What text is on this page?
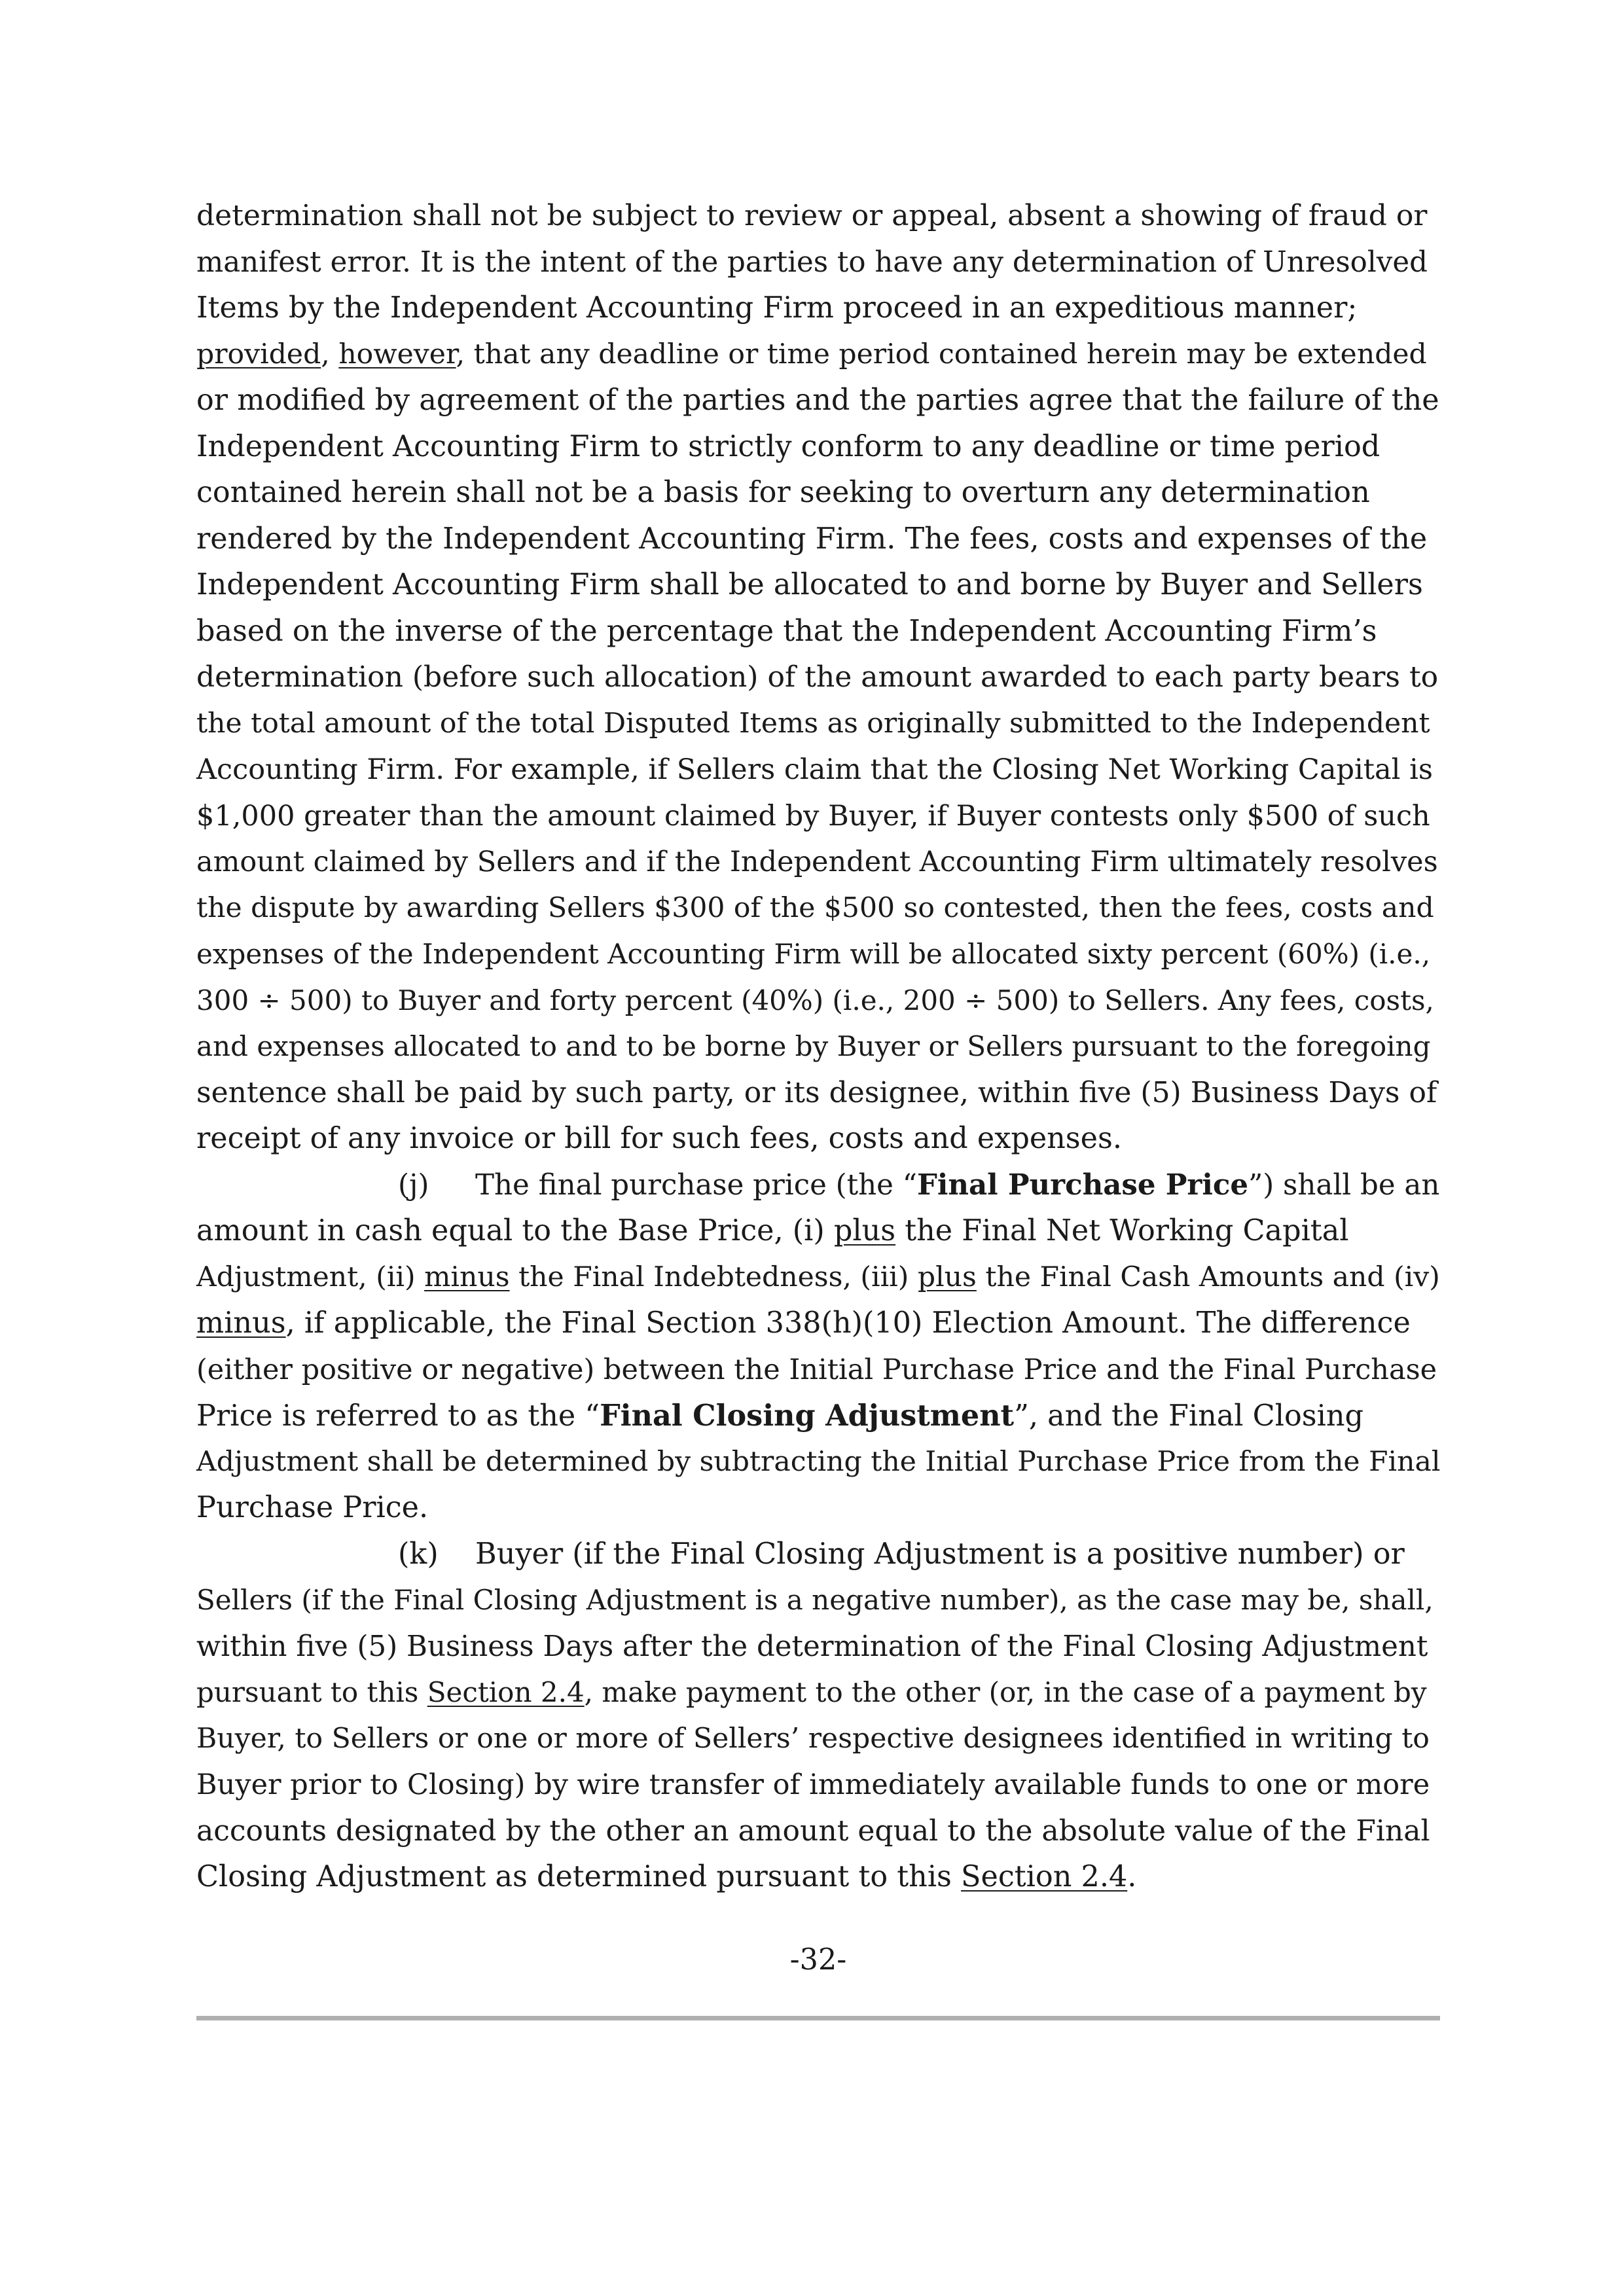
determination shall not be subject to review or appeal, absent a showing of fraud or
manifest error. It is the intent of the parties to have any determination of Unresolved
Items by the Independent Accounting Firm proceed in an expeditious manner;
provided, however, that any deadline or time period contained herein may be extended
or modified by agreement of the parties and the parties agree that the failure of the
Independent Accounting Firm to strictly conform to any deadline or time period
contained herein shall not be a basis for seeking to overturn any determination
rendered by the Independent Accounting Firm. The fees, costs and expenses of the
Independent Accounting Firm shall be allocated to and borne by Buyer and Sellers
based on the inverse of the percentage that the Independent Accounting Firm’s
determination (before such allocation) of the amount awarded to each party bears to
the total amount of the total Disputed Items as originally submitted to the Independent
Accounting Firm. For example, if Sellers claim that the Closing Net Working Capital is
$1,000 greater than the amount claimed by Buyer, if Buyer contests only $500 of such
amount claimed by Sellers and if the Independent Accounting Firm ultimately resolves
the dispute by awarding Sellers $300 of the $500 so contested, then the fees, costs and
expenses of the Independent Accounting Firm will be allocated sixty percent (60%) (i.e.,
300 ÷ 500) to Buyer and forty percent (40%) (i.e., 200 ÷ 500) to Sellers. Any fees, costs,
and expenses allocated to and to be borne by Buyer or Sellers pursuant to the foregoing
sentence shall be paid by such party, or its designee, within five (5) Business Days of
receipt of any invoice or bill for such fees, costs and expenses.

(j) The final purchase price (the “Final Purchase Price”) shall be an
amount in cash equal to the Base Price, (i) plus the Final Net Working Capital
Adjustment, (ii) minus the Final Indebtedness, (iii) plus the Final Cash Amounts and (iv)
minus, if applicable, the Final Section 338(h)(10) Election Amount. The difference
(either positive or negative) between the Initial Purchase Price and the Final Purchase
Price is referred to as the “Final Closing Adjustment”, and the Final Closing
Adjustment shall be determined by subtracting the Initial Purchase Price from the Final
Purchase Price.

(k) Buyer (if the Final Closing Adjustment is a positive number) or
Sellers (if the Final Closing Adjustment is a negative number), as the case may be, shall,
within five (5) Business Days after the determination of the Final Closing Adjustment
pursuant to this Section 2.4, make payment to the other (or, in the case of a payment by
Buyer, to Sellers or one or more of Sellers’ respective designees identified in writing to
Buyer prior to Closing) by wire transfer of immediately available funds to one or more
accounts designated by the other an amount equal to the absolute value of the Final
Closing Adjustment as determined pursuant to this Section 2.4.

-32-
